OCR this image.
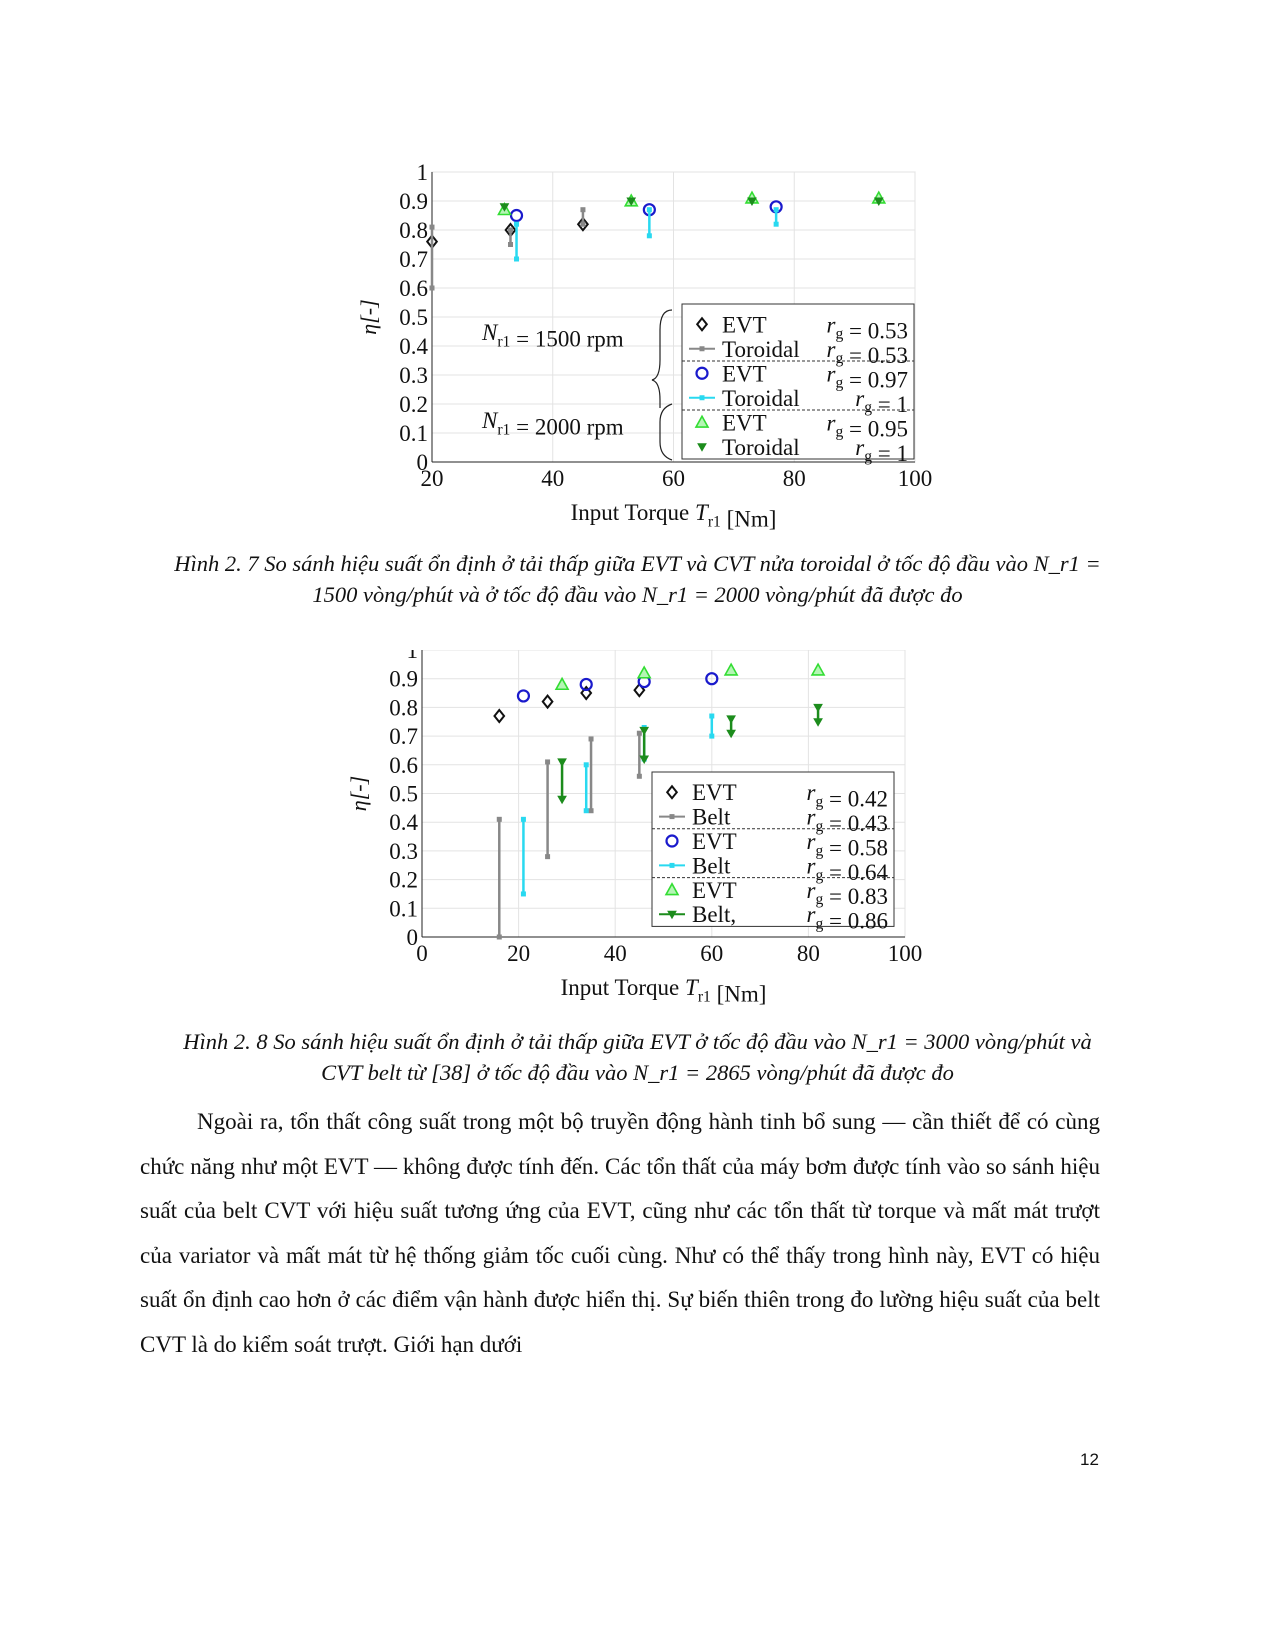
20	40	60	80	100
0
0.1
0.2
0.3
0.4
0.5
0.6
0.7
0.8
0.9
1
Input Torque $T_{r1}$ [Nm]
η[-]	$N_{r1} = 1500$ rpm
$N_{r1} = 2000$ rpm
EVT	$r_g = 0.53$
Toroidal $r_g = 0.53$
EVT	$r_g = 0.97$
Toroidal $r_g = 1$
EVT	$r_g = 0.95$
Toroidal $r_g = 1$
Hình 2. 7 So sánh hiệu suất ổn định ở tải thấp giữa EVT và CVT nửa toroidal ở tốc độ đầu vào N_r1 = 1500 vòng/phút và ở tốc độ đầu vào N_r1 = 2000 vòng/phút đã được đo
0	20	40	60	80	100
0
0.1
0.2
0.3
0.4
0.5
0.6
0.7
0.8
0.9
1
Input Torque $T_{r1}$ [Nm]
η[-]	EVT	$r_g = 0.42$
Belt	$r_g = 0.43$
EVT	$r_g = 0.58$
Belt	$r_g = 0.64$
EVT	$r_g = 0.83$
Belt,	$r_g = 0.86$
Hình 2. 8 So sánh hiệu suất ổn định ở tải thấp giữa EVT ở tốc độ đầu vào N_r1 = 3000 vòng/phút và CVT belt từ [38] ở tốc độ đầu vào N_r1 = 2865 vòng/phút đã được đo

Ngoài ra, tổn thất công suất trong một bộ truyền động hành tinh bổ sung — cần thiết để có cùng chức năng như một EVT — không được tính đến. Các tổn thất của máy bơm được tính vào so sánh hiệu suất của belt CVT với hiệu suất tương ứng của EVT, cũng như các tổn thất từ torque và mất mát trượt của variator và mất mát từ hệ thống giảm tốc cuối cùng. Như có thể thấy trong hình này, EVT có hiệu suất ổn định cao hơn ở các điểm vận hành được hiển thị. Sự biến thiên trong đo lường hiệu suất của belt CVT là do kiểm soát trượt. Giới hạn dưới

12
